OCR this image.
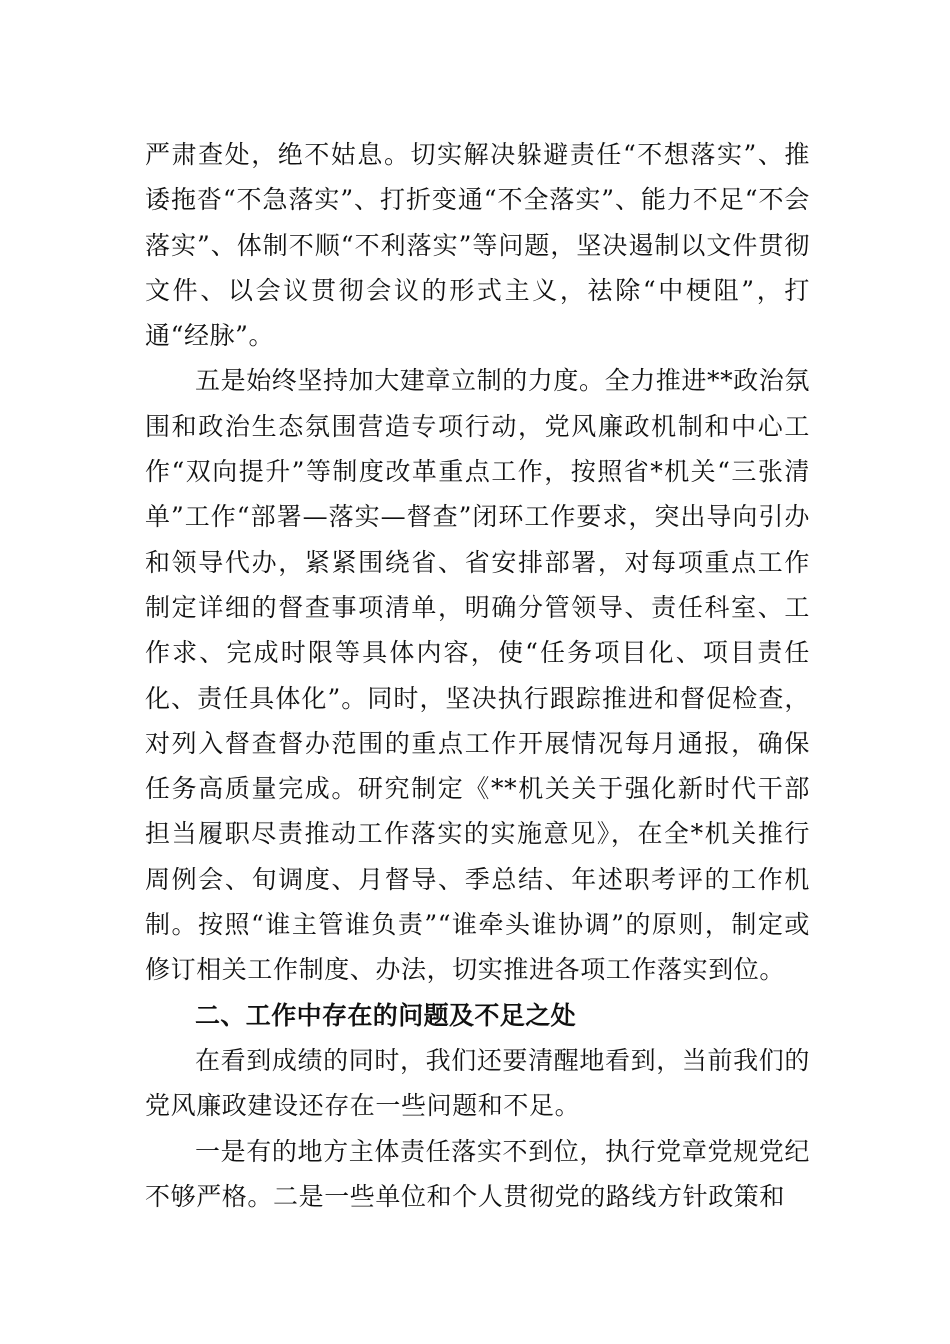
严肃查处，绝不姑息。切实解决躲避责任“不想落实”、推诿拖沓“不急落实”、打折变通“不全落实”、能力不足“不会落实”、体制不顺“不利落实”等问题，坚决遏制以文件贯彻文件、以会议贯彻会议的形式主义，祛除“中梗阻”，打通“经脉”。

五是始终坚持加大建章立制的力度。全力推进**政治氛围和政治生态氛围营造专项行动，党风廉政机制和中心工作“双向提升”等制度改革重点工作，按照省*机关“三张清单”工作“部署—落实—督查”闭环工作要求，突出导向引办和领导代办，紧紧围绕省、省安排部署，对每项重点工作制定详细的督查事项清单，明确分管领导、责任科室、工作求、完成时限等具体内容，使“任务项目化、项目责任化、责任具体化”。同时，坚决执行跟踪推进和督促检查，对列入督查督办范围的重点工作开展情况每月通报，确保任务高质量完成。研究制定《**机关关于强化新时代干部担当履职尽责推动工作落实的实施意见》，在全*机关推行周例会、旬调度、月督导、季总结、年述职考评的工作机制。按照“谁主管谁负责”“谁牵头谁协调”的原则，制定或修订相关工作制度、办法，切实推进各项工作落实到位。

二、工作中存在的问题及不足之处

在看到成绩的同时，我们还要清醒地看到，当前我们的党风廉政建设还存在一些问题和不足。

一是有的地方主体责任落实不到位，执行党章党规党纪不够严格。二是一些单位和个人贯彻党的路线方针政策和
